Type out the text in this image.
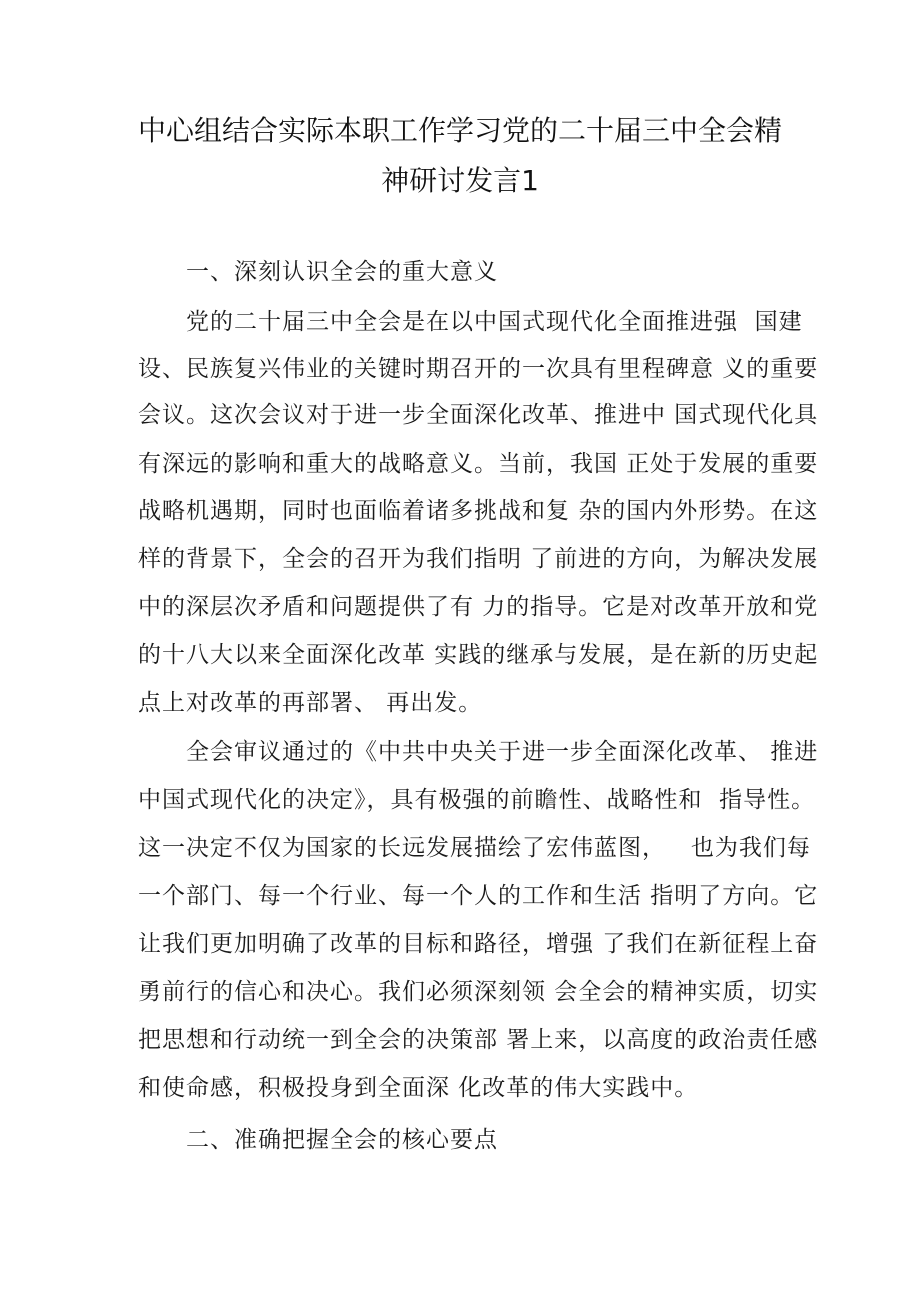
中心组结合实际本职工作学习党的二十届三中全会精
神研讨发言1
一、深刻认识全会的重大意义
党的二十届三中全会是在以中国式现代化全面推进强  国建
设、民族复兴伟业的关键时期召开的一次具有里程碑意 义的重要
会议。这次会议对于进一步全面深化改革、推进中 国式现代化具
有深远的影响和重大的战略意义。当前，我国 正处于发展的重要
战略机遇期，同时也面临着诸多挑战和复 杂的国内外形势。在这
样的背景下，全会的召开为我们指明 了前进的方向，为解决发展
中的深层次矛盾和问题提供了有 力的指导。它是对改革开放和党
的十八大以来全面深化改革 实践的继承与发展，是在新的历史起
点上对改革的再部署、 再出发。
全会审议通过的《中共中央关于进一步全面深化改革、 推进
中国式现代化的决定》，具有极强的前瞻性、战略性和  指导性。
这一决定不仅为国家的长远发展描绘了宏伟蓝图，   也为我们每
一个部门、每一个行业、每一个人的工作和生活 指明了方向。它
让我们更加明确了改革的目标和路径，增强 了我们在新征程上奋
勇前行的信心和决心。我们必须深刻领 会全会的精神实质，切实
把思想和行动统一到全会的决策部 署上来，以高度的政治责任感
和使命感，积极投身到全面深 化改革的伟大实践中。
二、准确把握全会的核心要点
